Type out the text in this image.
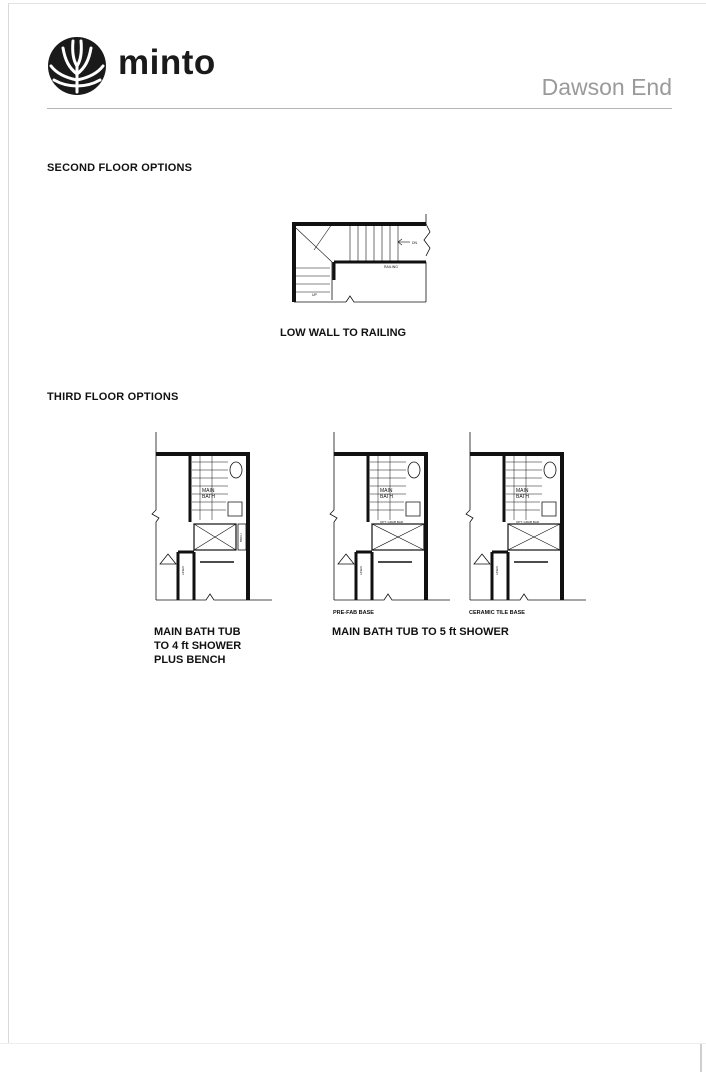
minto
Dawson End
SECOND FLOOR OPTIONS
RAILING
DN
UP
LOW WALL TO RAILING
THIRD FLOOR OPTIONS
MAIN
BATH
LINEN
BNCH
MAIN
BATH
OPT. GRAB BAR
LINEN
MAIN
BATH
OPT. GRAB BAR
LINEN
PRE-FAB BASE	CERAMIC TILE BASE
MAIN BATH TUB
TO 4 ft SHOWER
PLUS BENCH
MAIN BATH TUB TO 5 ft SHOWER
